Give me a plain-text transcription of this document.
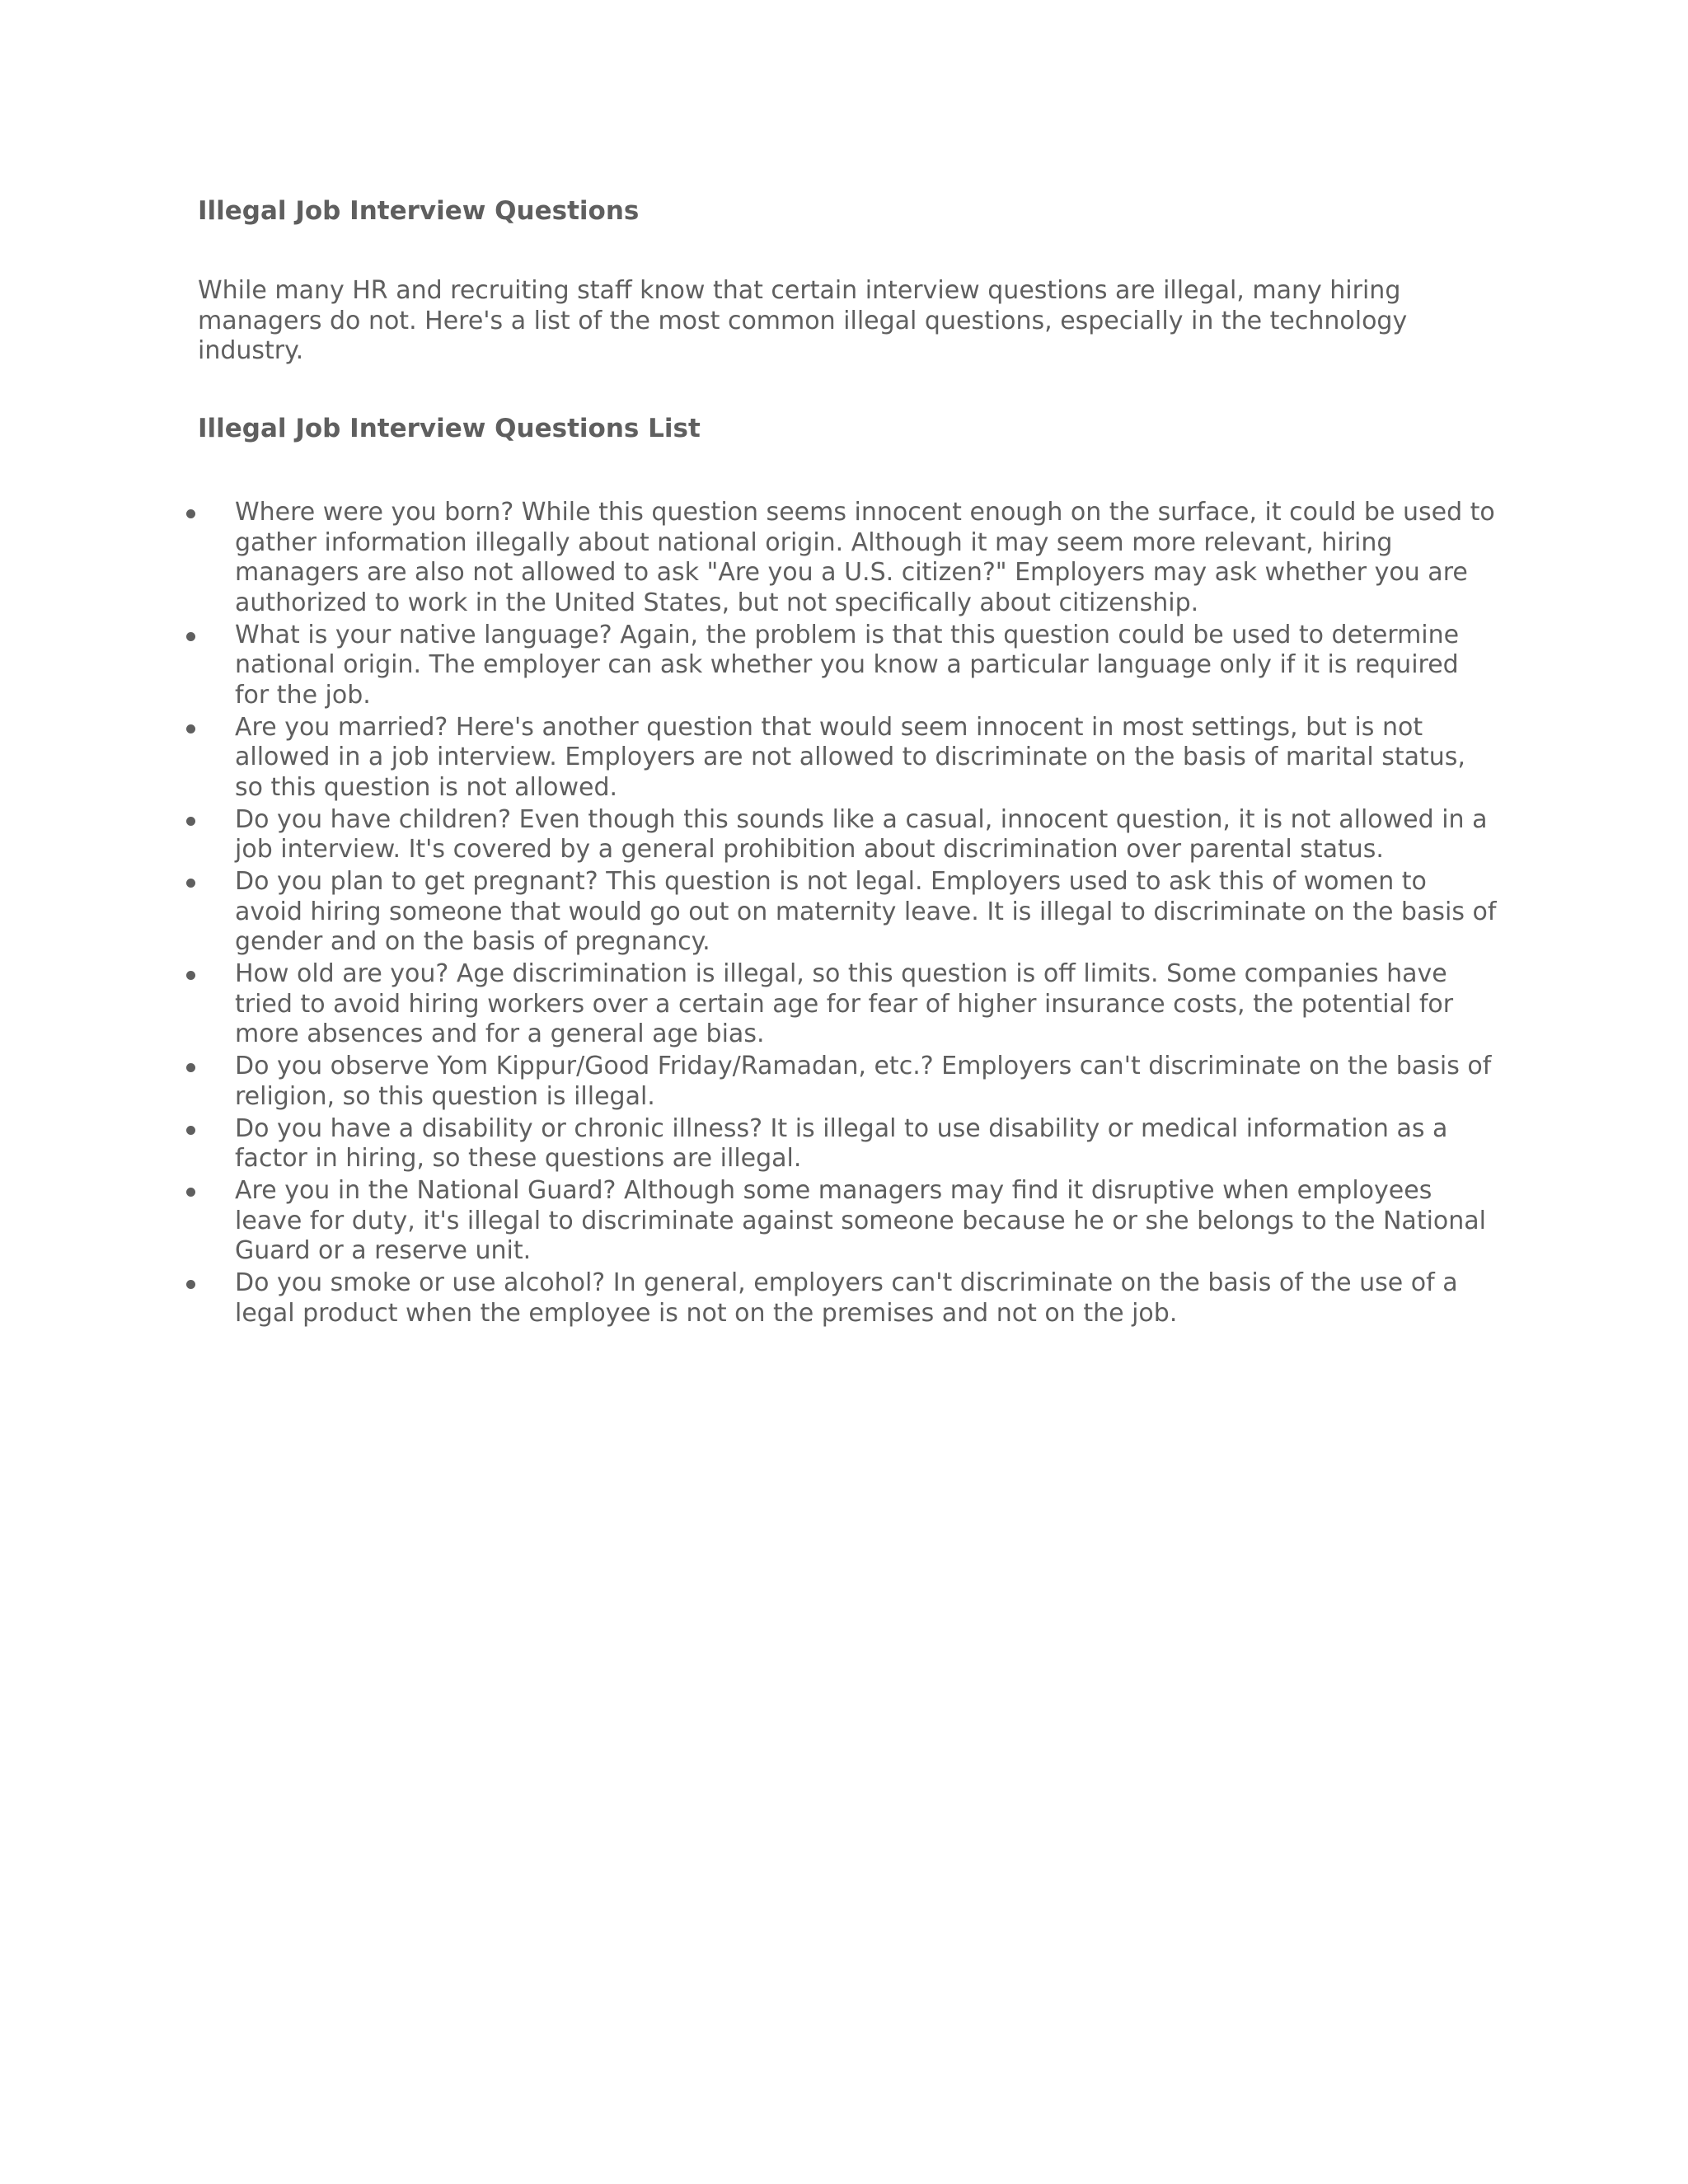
Illegal Job Interview Questions

While many HR and recruiting staff know that certain interview questions are illegal, many hiring managers do not. Here's a list of the most common illegal questions, especially in the technology industry.

Illegal Job Interview Questions List
Where were you born? While this question seems innocent enough on the surface, it could be used to gather information illegally about national origin. Although it may seem more relevant, hiring managers are also not allowed to ask "Are you a U.S. citizen?" Employers may ask whether you are authorized to work in the United States, but not specifically about citizenship.
What is your native language? Again, the problem is that this question could be used to determine national origin. The employer can ask whether you know a particular language only if it is required for the job.
Are you married? Here's another question that would seem innocent in most settings, but is not allowed in a job interview. Employers are not allowed to discriminate on the basis of marital status, so this question is not allowed.
Do you have children? Even though this sounds like a casual, innocent question, it is not allowed in a job interview. It's covered by a general prohibition about discrimination over parental status.
Do you plan to get pregnant? This question is not legal. Employers used to ask this of women to avoid hiring someone that would go out on maternity leave. It is illegal to discriminate on the basis of gender and on the basis of pregnancy.
How old are you? Age discrimination is illegal, so this question is off limits. Some companies have tried to avoid hiring workers over a certain age for fear of higher insurance costs, the potential for more absences and for a general age bias.
Do you observe Yom Kippur/Good Friday/Ramadan, etc.? Employers can't discriminate on the basis of religion, so this question is illegal.
Do you have a disability or chronic illness? It is illegal to use disability or medical information as a factor in hiring, so these questions are illegal.
Are you in the National Guard? Although some managers may find it disruptive when employees leave for duty, it's illegal to discriminate against someone because he or she belongs to the National Guard or a reserve unit.
Do you smoke or use alcohol? In general, employers can't discriminate on the basis of the use of a legal product when the employee is not on the premises and not on the job.
